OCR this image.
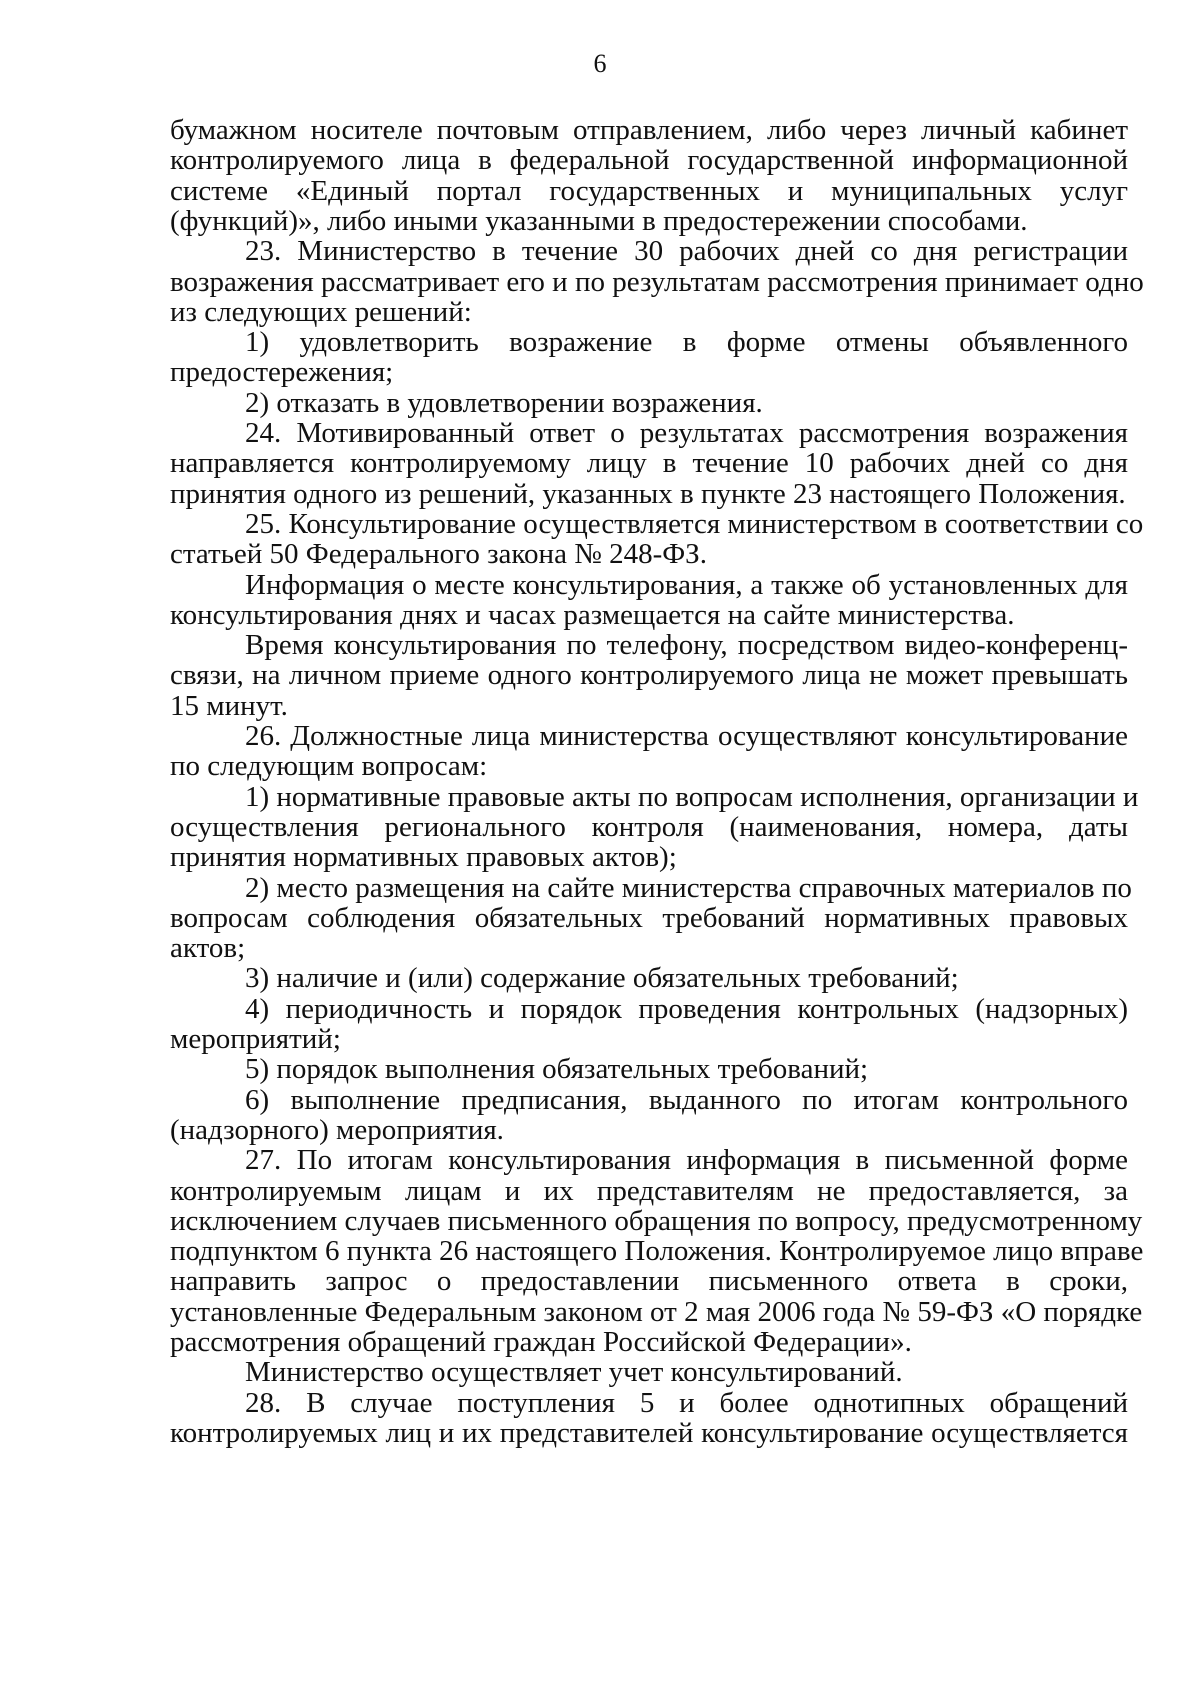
6
бумажном носителе почтовым отправлением, либо через личный кабинет
контролируемого лица в федеральной государственной информационной
системе «Единый портал государственных и муниципальных услуг
(функций)», либо иными указанными в предостережении способами.
23. Министерство в течение 30 рабочих дней со дня регистрации
возражения рассматривает его и по результатам рассмотрения принимает одно
из следующих решений:
1) удовлетворить возражение в форме отмены объявленного
предостережения;
2) отказать в удовлетворении возражения.
24. Мотивированный ответ о результатах рассмотрения возражения
направляется контролируемому лицу в течение 10 рабочих дней со дня
принятия одного из решений, указанных в пункте 23 настоящего Положения.
25. Консультирование осуществляется министерством в соответствии со
статьей 50 Федерального закона № 248-ФЗ.
Информация о месте консультирования, а также об установленных для
консультирования днях и часах размещается на сайте министерства.
Время консультирования по телефону, посредством видео-конференц-
связи, на личном приеме одного контролируемого лица не может превышать
15 минут.
26. Должностные лица министерства осуществляют консультирование
по следующим вопросам:
1) нормативные правовые акты по вопросам исполнения, организации и
осуществления регионального контроля (наименования, номера, даты
принятия нормативных правовых актов);
2) место размещения на сайте министерства справочных материалов по
вопросам соблюдения обязательных требований нормативных правовых
актов;
3) наличие и (или) содержание обязательных требований;
4) периодичность и порядок проведения контрольных (надзорных)
мероприятий;
5) порядок выполнения обязательных требований;
6) выполнение предписания, выданного по итогам контрольного
(надзорного) мероприятия.
27. По итогам консультирования информация в письменной форме
контролируемым лицам и их представителям не предоставляется, за
исключением случаев письменного обращения по вопросу, предусмотренному
подпунктом 6 пункта 26 настоящего Положения. Контролируемое лицо вправе
направить запрос о предоставлении письменного ответа в сроки,
установленные Федеральным законом от 2 мая 2006 года № 59-ФЗ «О порядке
рассмотрения обращений граждан Российской Федерации».
Министерство осуществляет учет консультирований.
28. В случае поступления 5 и более однотипных обращений
контролируемых лиц и их представителей консультирование осуществляется
